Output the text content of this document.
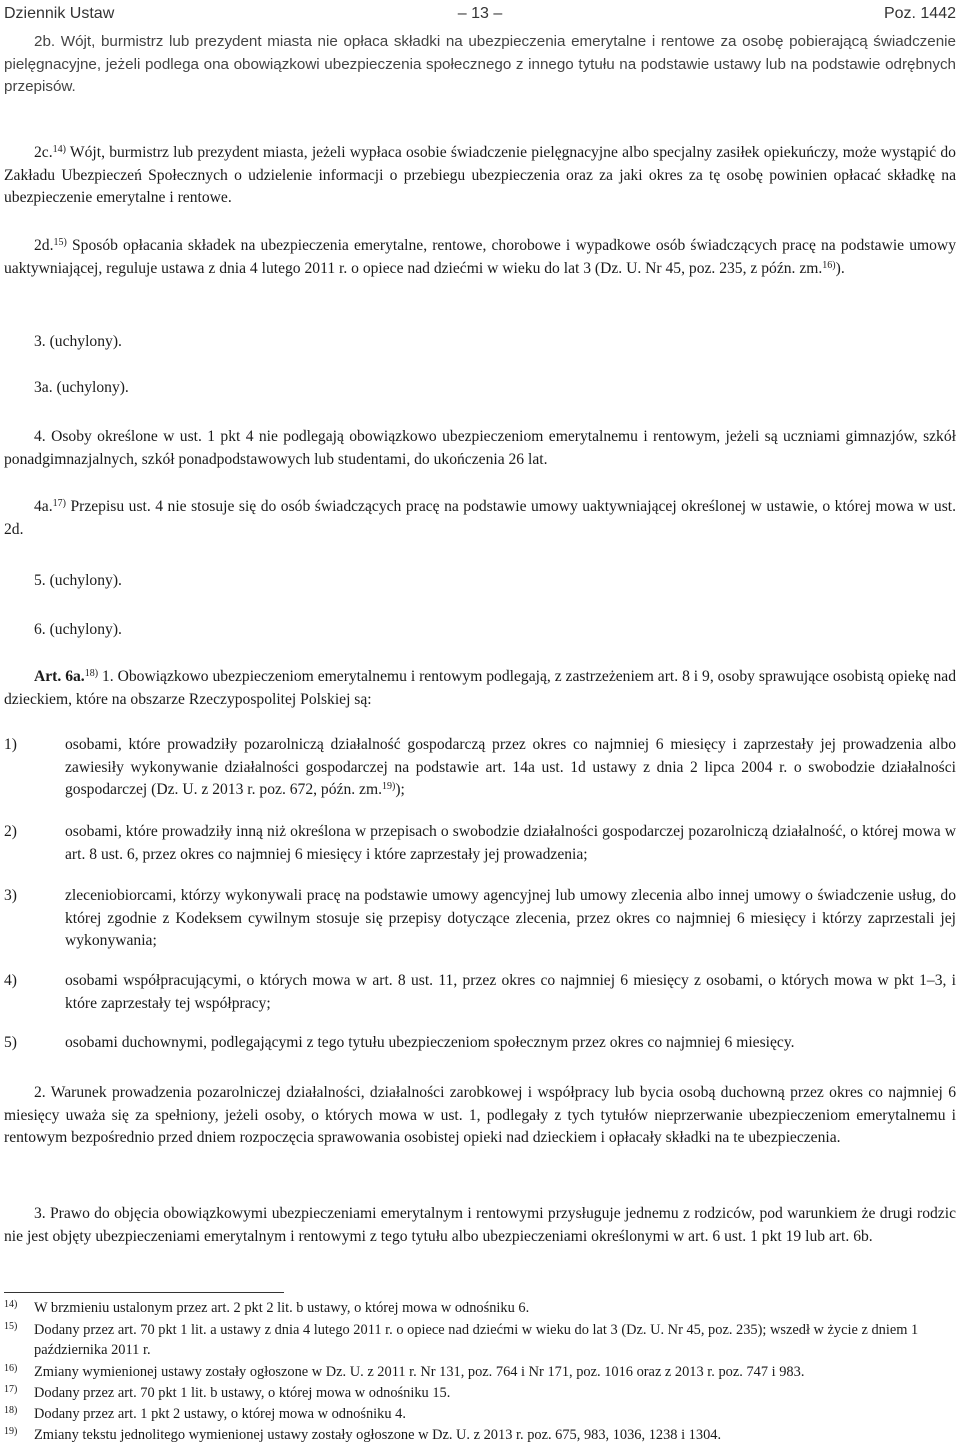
Dziennik Ustaw	– 13 –	Poz. 1442

2b. Wójt, burmistrz lub prezydent miasta nie opłaca składki na ubezpieczenia emerytalne i rentowe za osobę pobierającą świadczenie pielęgnacyjne, jeżeli podlega ona obowiązkowi ubezpieczenia społecznego z innego tytułu na podstawie ustawy lub na podstawie odrębnych przepisów.

2c.$^{14)}$ Wójt, burmistrz lub prezydent miasta, jeżeli wypłaca osobie świadczenie pielęgnacyjne albo specjalny zasiłek opiekuńczy, może wystąpić do Zakładu Ubezpieczeń Społecznych o udzielenie informacji o przebiegu ubezpieczenia oraz za jaki okres za tę osobę powinien opłacać składkę na ubezpieczenie emerytalne i rentowe.

2d.$^{15)}$ Sposób opłacania składek na ubezpieczenia emerytalne, rentowe, chorobowe i wypadkowe osób świadczących pracę na podstawie umowy uaktywniającej, reguluje ustawa z dnia 4 lutego 2011 r. o opiece nad dziećmi w wieku do lat 3 (Dz. U. Nr 45, poz. 235, z późn. zm.$^{16)}$).

3. (uchylony).

3a. (uchylony).

4. Osoby określone w ust. 1 pkt 4 nie podlegają obowiązkowo ubezpieczeniom emerytalnemu i rentowym, jeżeli są uczniami gimnazjów, szkół ponadgimnazjalnych, szkół ponadpodstawowych lub studentami, do ukończenia 26 lat.

4a.$^{17)}$ Przepisu ust. 4 nie stosuje się do osób świadczących pracę na podstawie umowy uaktywniającej określonej w ustawie, o której mowa w ust. 2d.

5. (uchylony).

6. (uchylony).

Art. 6a.$^{18)}$ 1. Obowiązkowo ubezpieczeniom emerytalnemu i rentowym podlegają, z zastrzeżeniem art. 8 i 9, osoby sprawujące osobistą opiekę nad dzieckiem, które na obszarze Rzeczypospolitej Polskiej są:

1)	osobami, które prowadziły pozarolniczą działalność gospodarczą przez okres co najmniej 6 miesięcy i zaprzestały jej prowadzenia albo zawiesiły wykonywanie działalności gospodarczej na podstawie art. 14a ust. 1d ustawy z dnia 2 lipca 2004 r. o swobodzie działalności gospodarczej (Dz. U. z 2013 r. poz. 672, późn. zm.$^{19)}$);
2)	osobami, które prowadziły inną niż określona w przepisach o swobodzie działalności gospodarczej pozarolniczą działalność, o której mowa w art. 8 ust. 6, przez okres co najmniej 6 miesięcy i które zaprzestały jej prowadzenia;
3)	zleceniobiorcami, którzy wykonywali pracę na podstawie umowy agencyjnej lub umowy zlecenia albo innej umowy o świadczenie usług, do której zgodnie z Kodeksem cywilnym stosuje się przepisy dotyczące zlecenia, przez okres co najmniej 6 miesięcy i którzy zaprzestali jej wykonywania;
4)	osobami współpracującymi, o których mowa w art. 8 ust. 11, przez okres co najmniej 6 miesięcy z osobami, o których mowa w pkt 1–3, i które zaprzestały tej współpracy;
5)	osobami duchownymi, podlegającymi z tego tytułu ubezpieczeniom społecznym przez okres co najmniej 6 miesięcy.

2. Warunek prowadzenia pozarolniczej działalności, działalności zarobkowej i współpracy lub bycia osobą duchowną przez okres co najmniej 6 miesięcy uważa się za spełniony, jeżeli osoby, o których mowa w ust. 1, podlegały z tych tytułów nieprzerwanie ubezpieczeniom emerytalnemu i rentowym bezpośrednio przed dniem rozpoczęcia sprawowania osobistej opieki nad dzieckiem i opłacały składki na te ubezpieczenia.

3. Prawo do objęcia obowiązkowymi ubezpieczeniami emerytalnym i rentowymi przysługuje jednemu z rodziców, pod warunkiem że drugi rodzic nie jest objęty ubezpieczeniami emerytalnym i rentowymi z tego tytułu albo ubezpieczeniami określonymi w art. 6 ust. 1 pkt 19 lub art. 6b.

14) W brzmieniu ustalonym przez art. 2 pkt 2 lit. b ustawy, o której mowa w odnośniku 6.
15) Dodany przez art. 70 pkt 1 lit. a ustawy z dnia 4 lutego 2011 r. o opiece nad dziećmi w wieku do lat 3 (Dz. U. Nr 45, poz. 235); wszedł w życie z dniem 1 października 2011 r.
16) Zmiany wymienionej ustawy zostały ogłoszone w Dz. U. z 2011 r. Nr 131, poz. 764 i Nr 171, poz. 1016 oraz z 2013 r. poz. 747 i 983.
17) Dodany przez art. 70 pkt 1 lit. b ustawy, o której mowa w odnośniku 15.
18) Dodany przez art. 1 pkt 2 ustawy, o której mowa w odnośniku 4.
19) Zmiany tekstu jednolitego wymienionej ustawy zostały ogłoszone w Dz. U. z 2013 r. poz. 675, 983, 1036, 1238 i 1304.
